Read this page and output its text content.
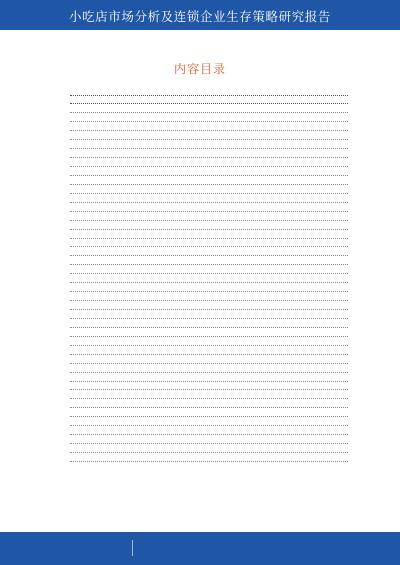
小吃店市场分析及连锁企业生存策略研究报告
内容目录
